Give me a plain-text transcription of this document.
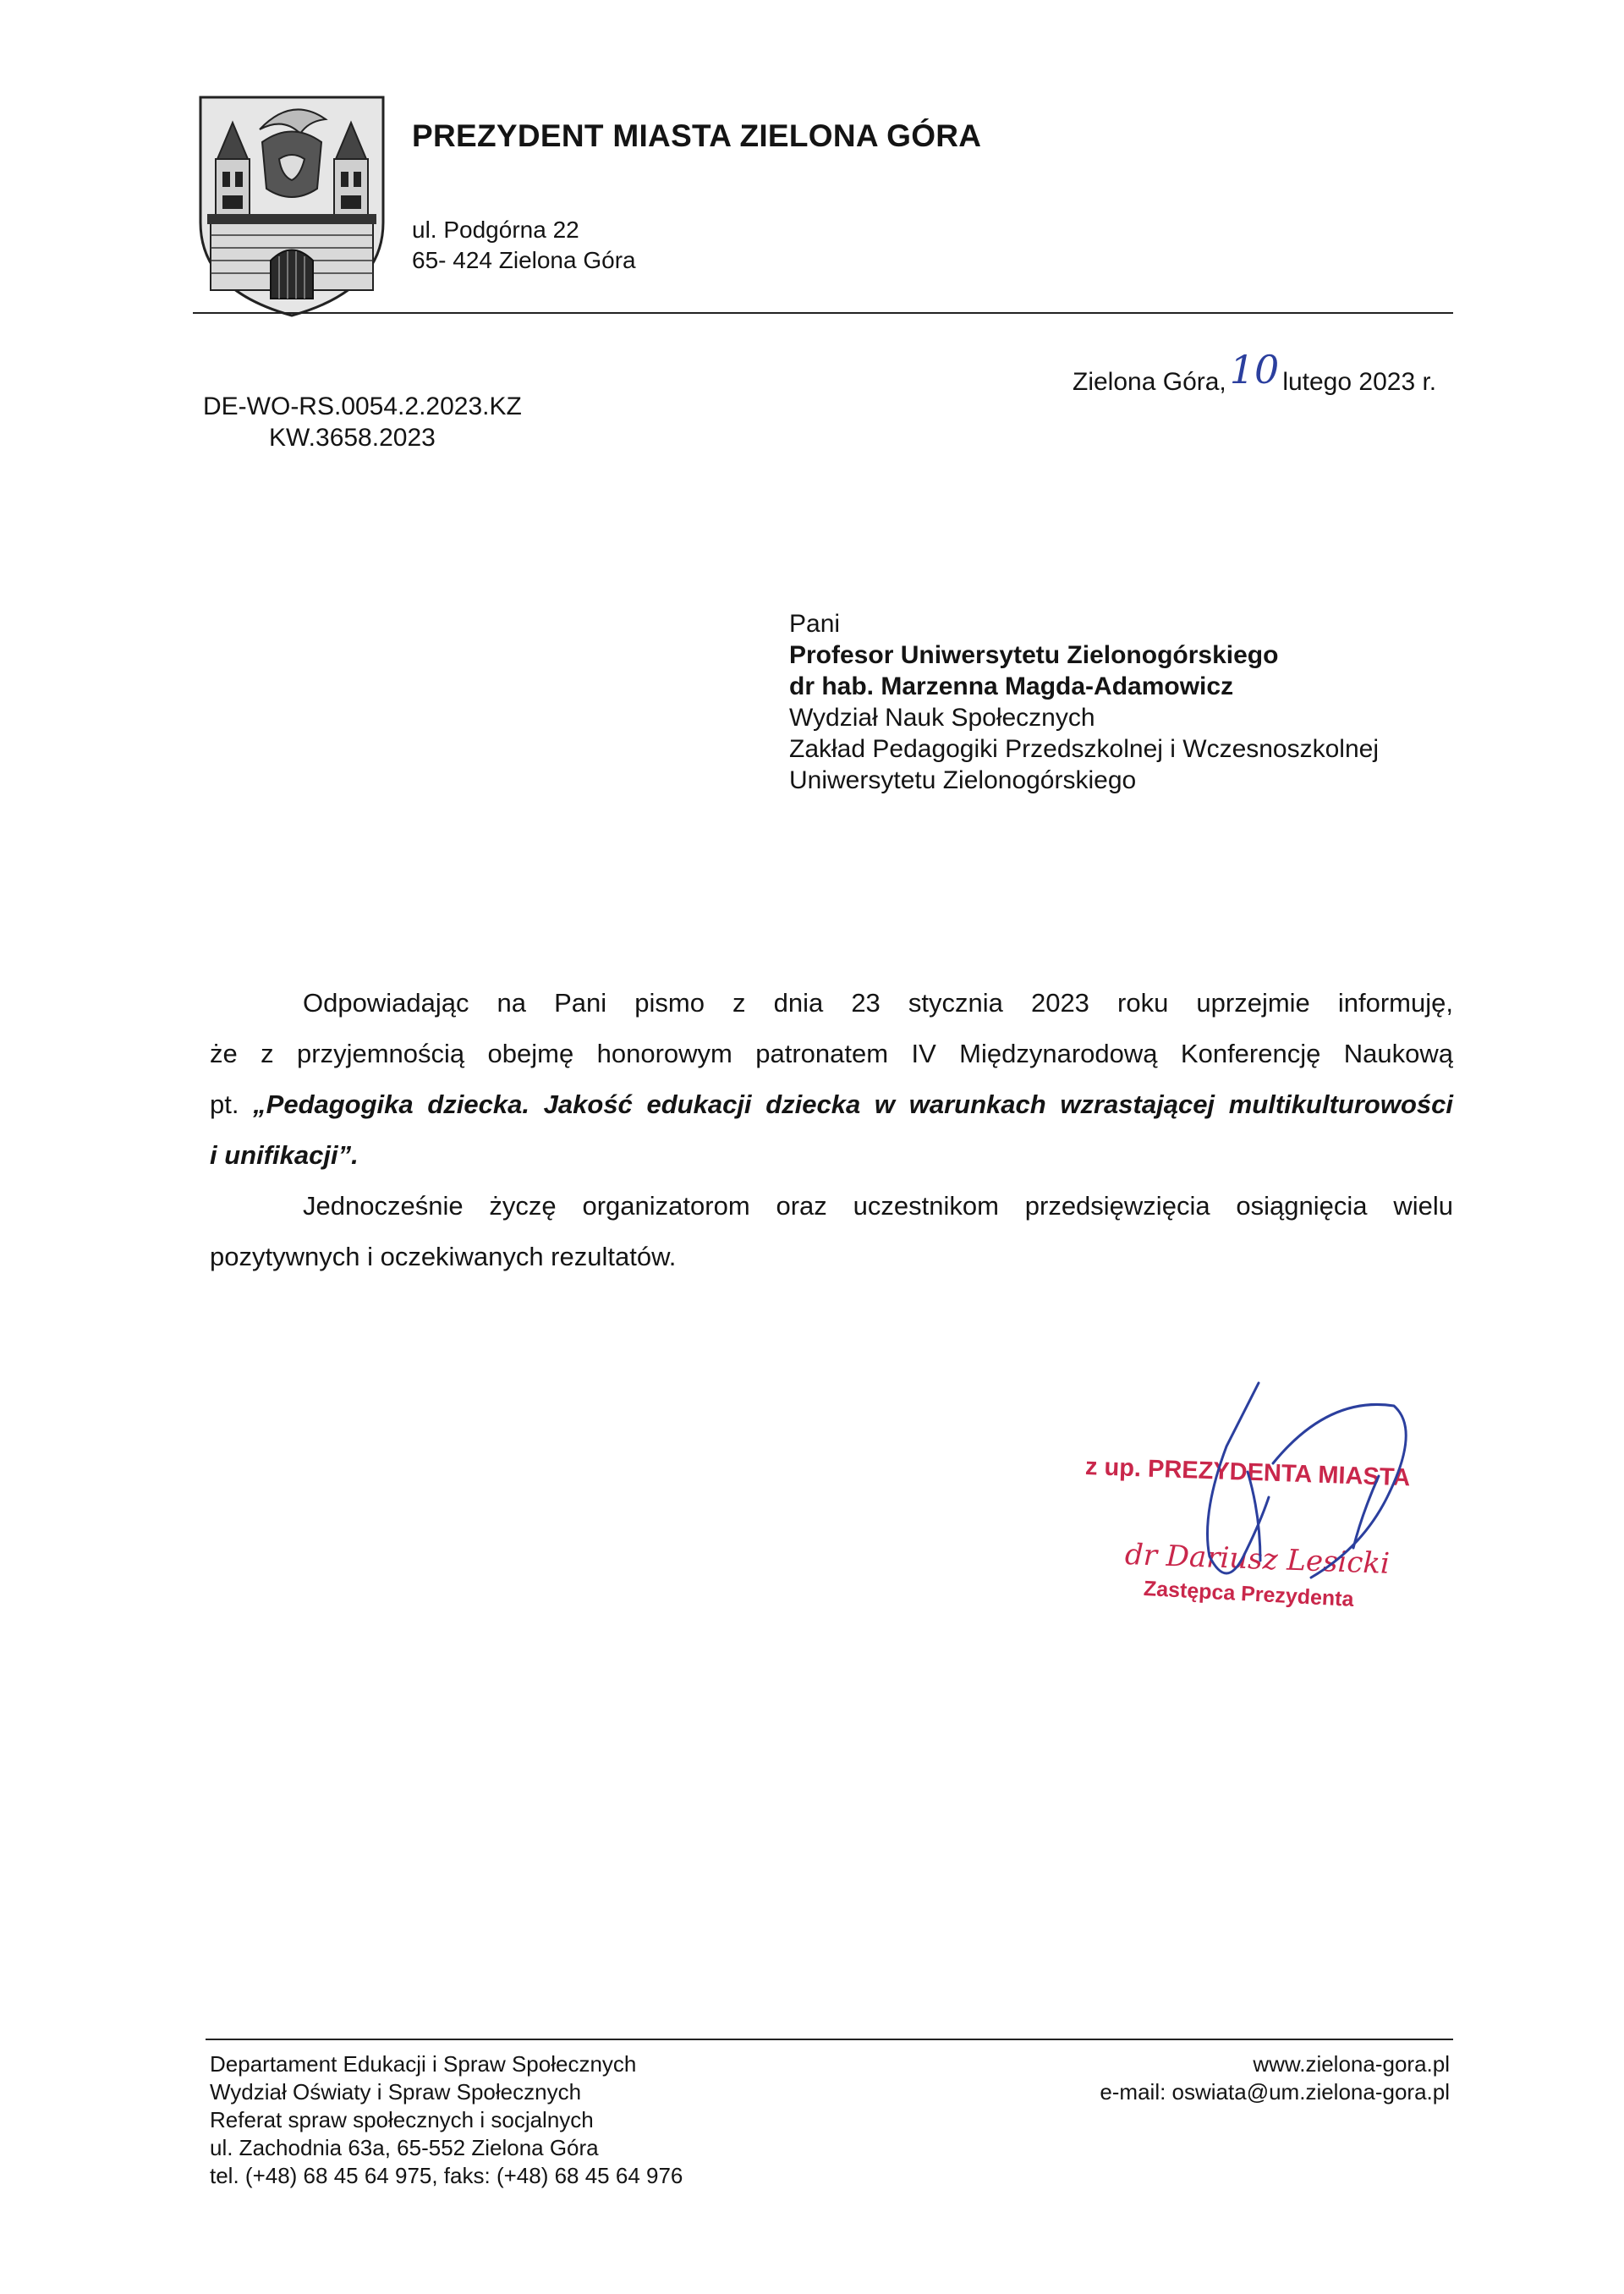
PREZYDENT MIASTA ZIELONA GÓRA
ul. Podgórna 22
65- 424 Zielona Góra
Zielona Góra,10 lutego 2023 r.
DE-WO-RS.0054.2.2023.KZ
KW.3658.2023
Pani
Profesor Uniwersytetu Zielonogórskiego
dr hab. Marzenna Magda-Adamowicz
Wydział Nauk Społecznych
Zakład Pedagogiki Przedszkolnej i Wczesnoszkolnej
Uniwersytetu Zielonogórskiego
Odpowiadając na Pani pismo z dnia 23 stycznia 2023 roku uprzejmie informuję,
że z przyjemnością obejmę honorowym patronatem IV Międzynarodową Konferencję Naukową
pt. „Pedagogika dziecka. Jakość edukacji dziecka w warunkach wzrastającej multikulturowości
i unifikacji”.
Jednocześnie życzę organizatorom oraz uczestnikom przedsięwzięcia osiągnięcia wielu
pozytywnych i oczekiwanych rezultatów.
z up. PREZYDENTA MIASTA
dr Dariusz Lesicki
Zastępca Prezydenta
Departament Edukacji i Spraw Społecznych
Wydział Oświaty i Spraw Społecznych
Referat spraw społecznych i socjalnych
ul. Zachodnia 63a, 65-552 Zielona Góra
tel. (+48) 68 45 64 975, faks: (+48) 68 45 64 976
www.zielona-gora.pl
e-mail: oswiata@um.zielona-gora.pl
